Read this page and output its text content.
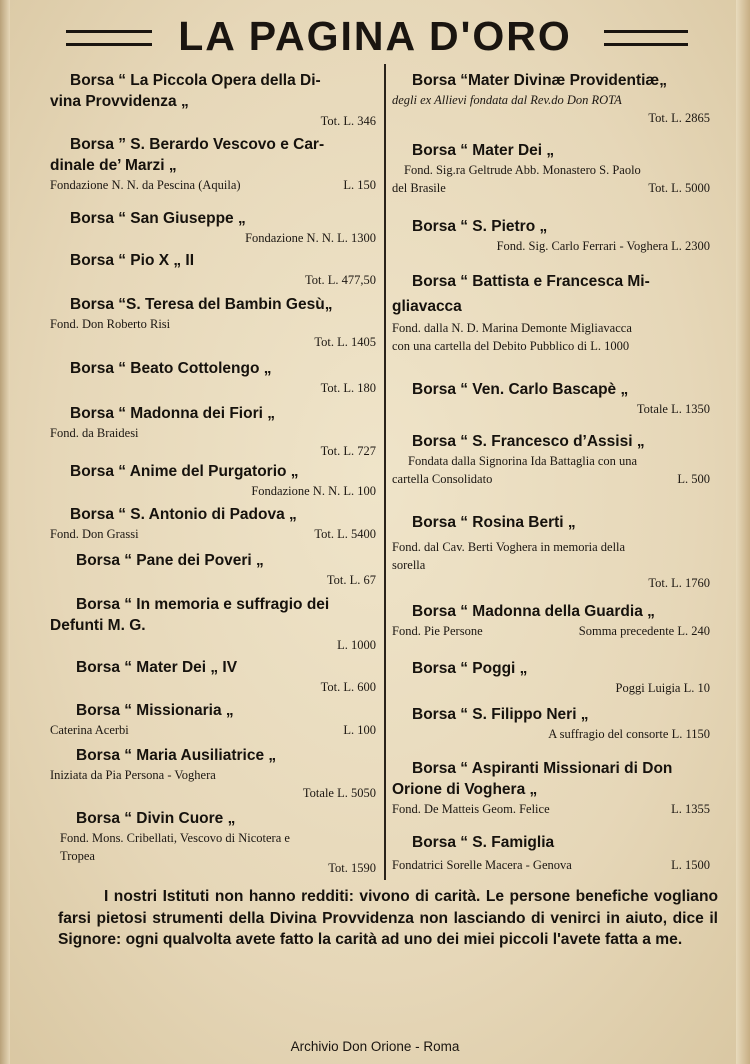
LA PAGINA D'ORO
Borsa “ La Piccola Opera della Di-
vina Provvidenza „
Tot. L. 346
Borsa ” S. Berardo Vescovo e Car-
dinale de’ Marzi „
Fondazione N. N. da Pescina (Aquila)	L. 150
Borsa “ San Giuseppe „
Fondazione N. N. L. 1300
Borsa “ Pio X „ II
Tot. L. 477,50
Borsa “S. Teresa del Bambin Gesù„
Fond. Don Roberto Risi
Tot. L. 1405
Borsa “ Beato Cottolengo „
Tot. L. 180
Borsa “ Madonna dei Fiori „
Fond. da Braidesi
Tot. L. 727
Borsa “ Anime del Purgatorio „
Fondazione N. N. L. 100
Borsa “ S. Antonio di Padova „
Fond. Don Grassi	Tot. L. 5400
Borsa “ Pane dei Poveri „
Tot. L. 67
Borsa “ In memoria e suffragio dei
Defunti M. G.
L. 1000
Borsa “ Mater Dei „ IV
Tot. L. 600
Borsa “ Missionaria „
Caterina Acerbi	L. 100
Borsa “ Maria Ausiliatrice „
Iniziata da Pia Persona - Voghera
Totale L. 5050
Borsa “ Divin Cuore „
Fond. Mons. Cribellati, Vescovo di Nicotera e
Tropea
Tot. 1590
Borsa “Mater Divinæ Providentiæ„
degli ex Allievi fondata dal Rev.do Don ROTA
Tot. L. 2865
Borsa “ Mater Dei „
Fond. Sig.ra Geltrude Abb. Monastero S. Paolo
del Brasile	Tot. L. 5000
Borsa “ S. Pietro „
Fond. Sig. Carlo Ferrari - Voghera L. 2300
Borsa “ Battista e Francesca Mi-
gliavacca
Fond. dalla N. D. Marina Demonte Migliavacca
con una cartella del Debito Pubblico di L. 1000
Borsa “ Ven. Carlo Bascapè „
Totale L. 1350
Borsa “ S. Francesco d’Assisi „
Fondata dalla Signorina Ida Battaglia con una
cartella Consolidato	L. 500
Borsa “ Rosina Berti „
Fond. dal Cav. Berti Voghera in memoria della
sorella
Tot. L. 1760
Borsa “ Madonna della Guardia „
Fond. Pie Persone	Somma precedente L. 240
Borsa “ Poggi „
Poggi Luigia L. 10
Borsa “ S. Filippo Neri „
A suffragio del consorte L. 1150
Borsa “ Aspiranti Missionari di Don
Orione di Voghera „
Fond. De Matteis Geom. Felice	L. 1355
Borsa “ S. Famiglia
Fondatrici Sorelle Macera - Genova	L. 1500
I nostri Istituti non hanno redditi: vivono di carità. Le persone benefiche vogliano farsi pietosi strumenti della Divina Provvidenza non lasciando di venirci in aiuto, dice il Signore: ogni qualvolta avete fatto la carità ad uno dei miei piccoli l'avete fatta a me.
Archivio Don Orione - Roma
